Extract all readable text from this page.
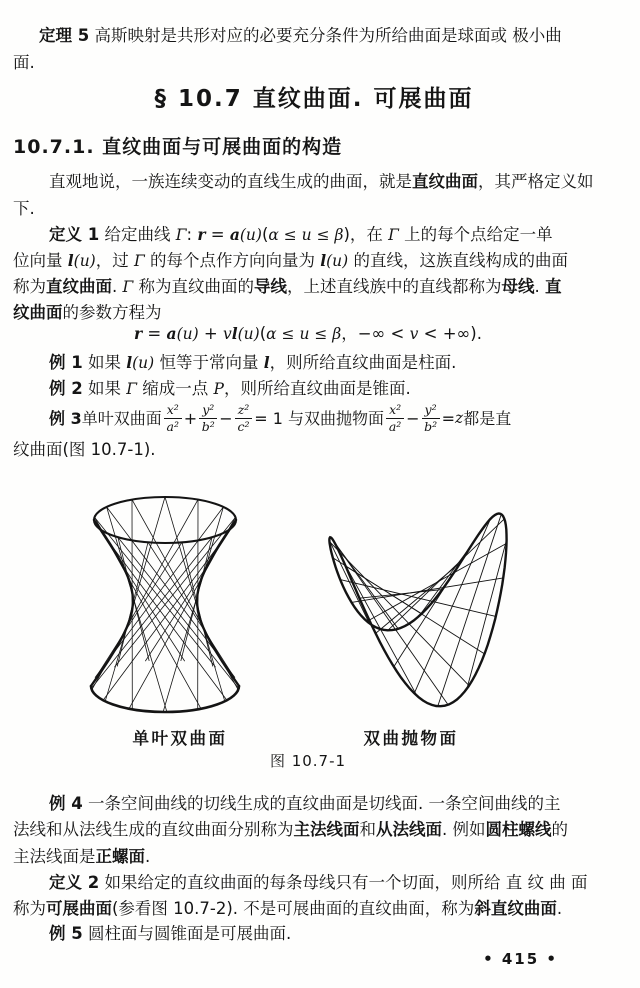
定理 5 高斯映射是共形对应的必要充分条件为所给曲面是球面或 极小曲
面.
§ 10.7 直纹曲面. 可展曲面
10.7.1. 直纹曲面与可展曲面的构造
直观地说，一族连续变动的直线生成的曲面，就是直纹曲面，其严格定义如
下.
定义 1 给定曲线 Γ: r = a(u)(α ≤ u ≤ β)，在 Γ 上的每个点给定一单
位向量 l(u)，过 Γ 的每个点作方向向量为 l(u) 的直线，这族直线构成的曲面
称为直纹曲面. Γ 称为直纹曲面的导线，上述直线族中的直线都称为母线. 直
纹曲面的参数方程为
r = a(u) + vl(u)(α ≤ u ≤ β，−∞ < v < +∞).
例 1 如果 l(u) 恒等于常向量 l，则所给直纹曲面是柱面.
例 2 如果 Γ 缩成一点 P，则所给直纹曲面是锥面.
例 3 单叶双曲面 $\frac{\text{x²}}{\text{a²}} + \frac{\text{y²}}{\text{b²}} - \frac{\text{z²}}{\text{c²}} = 1$ 与双曲抛物面 $\frac{\text{x²}}{\text{a²}} - \frac{\text{y²}}{\text{b²}} = z$ 都是直
纹曲面(图 10.7-1).
单叶双曲面	双曲抛物面
图 10.7-1
例 4 一条空间曲线的切线生成的直纹曲面是切线面. 一条空间曲线的主
法线和从法线生成的直纹曲面分别称为主法线面和从法线面. 例如圆柱螺线的
主法线面是正螺面.
定义 2 如果给定的直纹曲面的每条母线只有一个切面，则所给 直 纹 曲 面
称为可展曲面(参看图 10.7-2). 不是可展曲面的直纹曲面，称为斜直纹曲面.
例 5 圆柱面与圆锥面是可展曲面.
• 415 •
